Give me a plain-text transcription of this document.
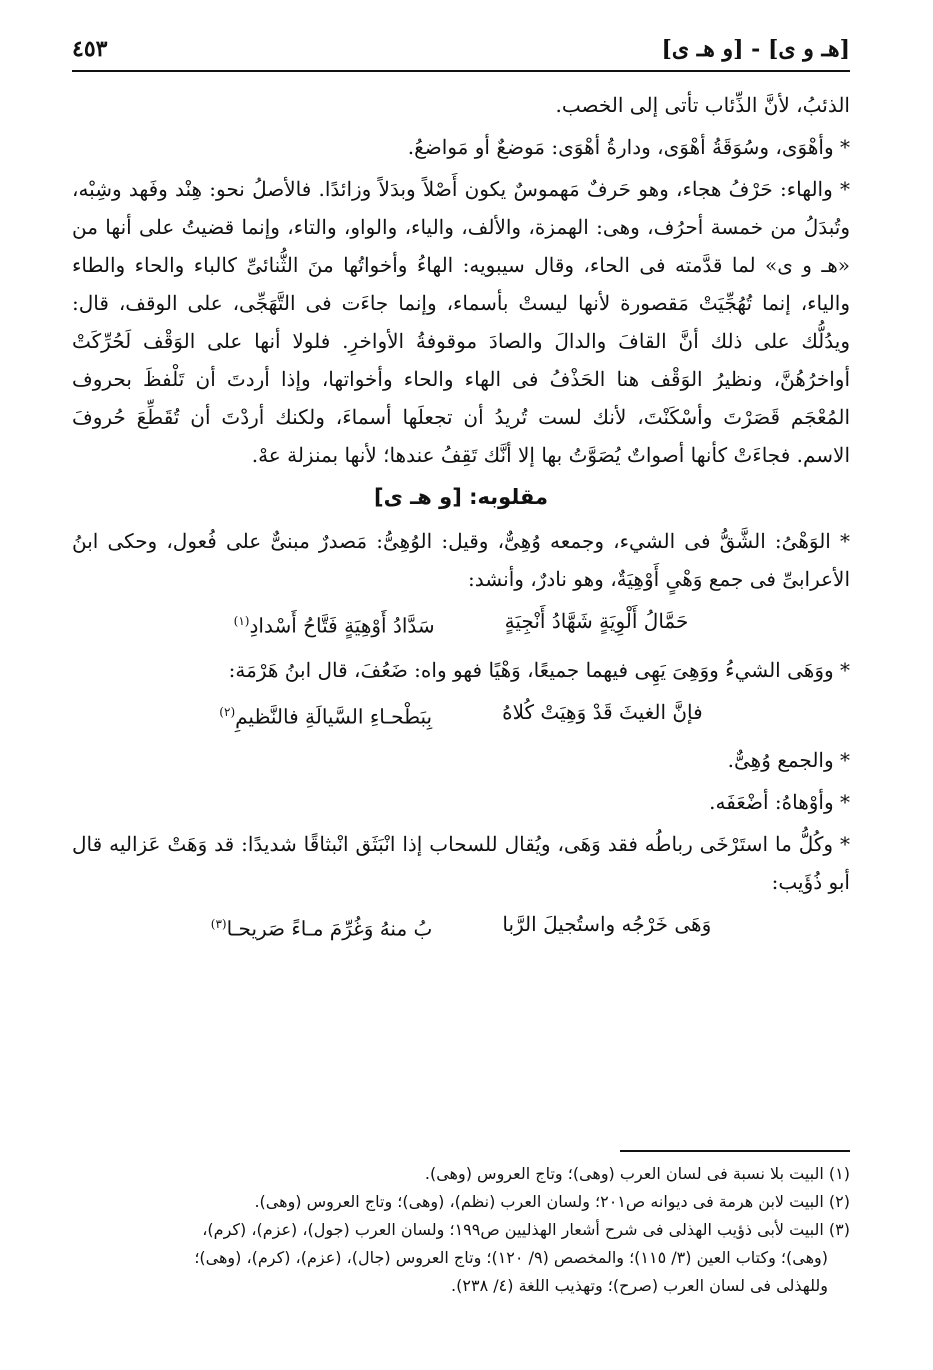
[هـ و ى] - [و هـ ى]
٤٥٣

الذئبُ، لأنَّ الذِّئاب تأتى إلى الخصب.

* وأهْوَى، وسُوَقَةُ أهْوَى، ودارةُ أهْوَى: مَوضعٌ أو مَواضعُ.

* والهاء: حَرْفُ هجاء، وهو حَرفٌ مَهموسٌ يكون أَصْلاً وبدَلاً وزائدًا. فالأصلُ نحو: هِنْد وفَهد وشِبْه، وتُبدَلُ من خمسة أحرُف، وهى: الهمزة، والألف، والياء، والواو، والتاء، وإنما قضيتُ على أنها من «هـ و ى» لما قدَّمته فى الحاء، وقال سيبويه: الهاءُ وأخواتُها منَ الثُّنائىِّ كالباء والحاء والطاء والياء، إنما تُهُجِّيَتْ مَقصورة لأنها ليستْ بأسماء، وإنما جاءَت فى التَّهَجِّى، على الوقف، قال: ويدُلُّك على ذلك أنَّ القافَ والدالَ والصادَ موقوفةُ الأواخرِ. فلولا أنها على الوَقْف لَحُرِّكَتْ أواخرُهُنَّ، ونظيرُ الوَقْف هنا الحَذْفُ فى الهاء والحاء وأخواتها، وإذا أردتَ أن تَلْفظَ بحروف المُعْجَم قَصَرْتَ وأسْكَنْتَ، لأنك لست تُريدُ أن تجعلَها أسماءَ، ولكنك أردْتَ أن تُقَطِّعَ حُروفَ الاسم. فجاءَتْ كأنها أصواتٌ يُصَوَّتُ بها إلا أنَّك تَقِفُ عندها؛ لأنها بمنزلة عهْ.

مقلوبه: [و هـ ى]

* الوَهْىُ: الشَّقُّ فى الشيء، وجمعه وُهِىٌّ، وقيل: الوُهِىُّ: مَصدرٌ مبنىٌّ على فُعول، وحكى ابنُ الأعرابىِّ فى جمع وَهْىٍ أَوْهِيَةٌ، وهو نادرٌ، وأنشد:

حَمَّالُ أَلْوِيَةٍ شَهَّادُ أَنْجِيَةٍ
سَدَّادُ أَوْهِيَةٍ فَتَّاحُ أَسْدادِ$^{(١)}$

* ووَهَى الشيءُ ووَهِىَ يَهِى فيهما جميعًا، وَهْيًا فهو واه: ضَعُفَ، قال ابنُ هَرْمَة:

فإنَّ الغيثَ قَدْ وَهِيَتْ كُلاهُ
بِبَطْحـاءِ السَّيالَةِ فالنَّظيمِ$^{(٢)}$

* والجمع وُهِىٌّ.

* وأوْهاهُ: أضْعَفَه.

* وكُلُّ ما استَرْخَى رباطُه فقد وَهَى، ويُقال للسحاب إذا انْبَثَق انْبثاقًا شديدًا: قد وَهَتْ عَزاليه قال أبو ذُؤَيب:

وَهَى خَرْجُه واستُجيلَ الرَّبا
بُ منهُ وَغُرِّمَ مـاءً صَريحـا$^{(٣)}$

(١) البيت بلا نسبة فى لسان العرب (وهى)؛ وتاج العروس (وهى).

(٢) البيت لابن هرمة فى ديوانه ص٢٠١؛ ولسان العرب (نظم)، (وهى)؛ وتاج العروس (وهى).

(٣) البيت لأبى ذؤيب الهذلى فى شرح أشعار الهذليين ص١٩٩؛ ولسان العرب (جول)، (عزم)، (كرم)،

(وهى)؛ وكتاب العين (٣/ ١١٥)؛ والمخصص (٩/ ١٢٠)؛ وتاج العروس (جال)، (عزم)، (كرم)، (وهى)؛

وللهذلى فى لسان العرب (صرح)؛ وتهذيب اللغة (٤/ ٢٣٨).
